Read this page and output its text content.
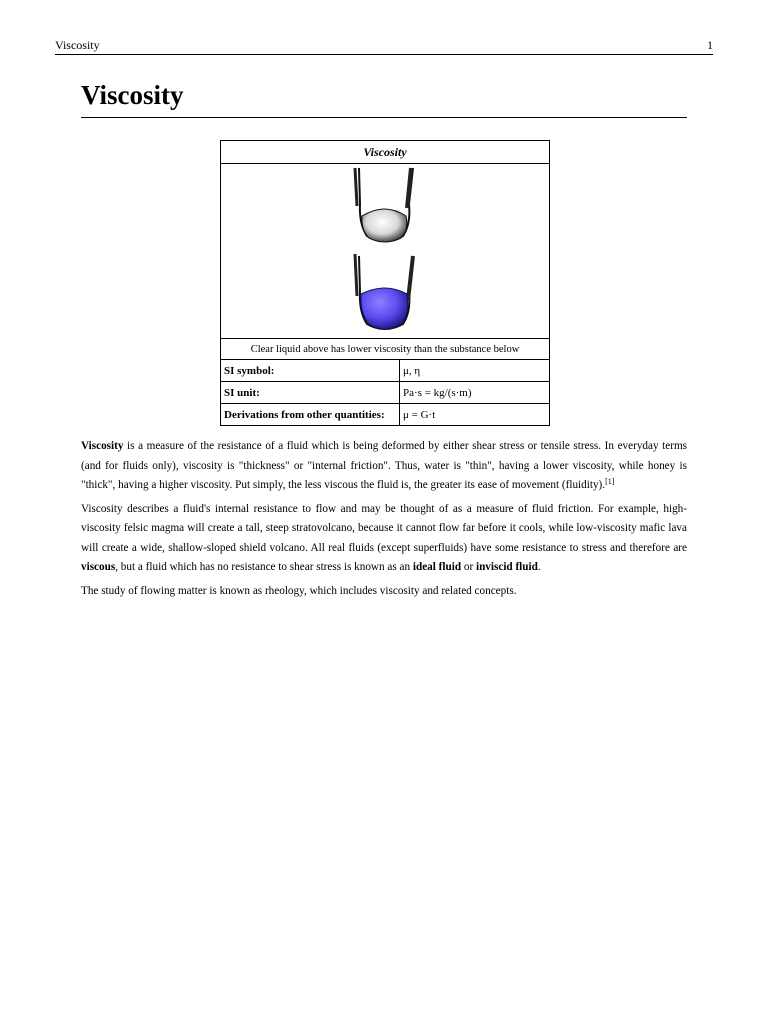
Viscosity	1
Viscosity
Viscosity	

Clear liquid above has lower viscosity than the substance below	
SI symbol:	μ, η
SI unit:	Pa·s = kg/(s·m)
Derivations from other quantities:	μ = G·t

Viscosity is a measure of the resistance of a fluid which is being deformed by either shear stress or tensile stress. In everyday terms (and for fluids only), viscosity is "thickness" or "internal friction". Thus, water is "thin", having a lower viscosity, while honey is "thick", having a higher viscosity. Put simply, the less viscous the fluid is, the greater its ease of movement (fluidity).[1]

Viscosity describes a fluid's internal resistance to flow and may be thought of as a measure of fluid friction. For example, high-viscosity felsic magma will create a tall, steep stratovolcano, because it cannot flow far before it cools, while low-viscosity mafic lava will create a wide, shallow-sloped shield volcano. All real fluids (except superfluids) have some resistance to stress and therefore are viscous, but a fluid which has no resistance to shear stress is known as an ideal fluid or inviscid fluid.

The study of flowing matter is known as rheology, which includes viscosity and related concepts.
